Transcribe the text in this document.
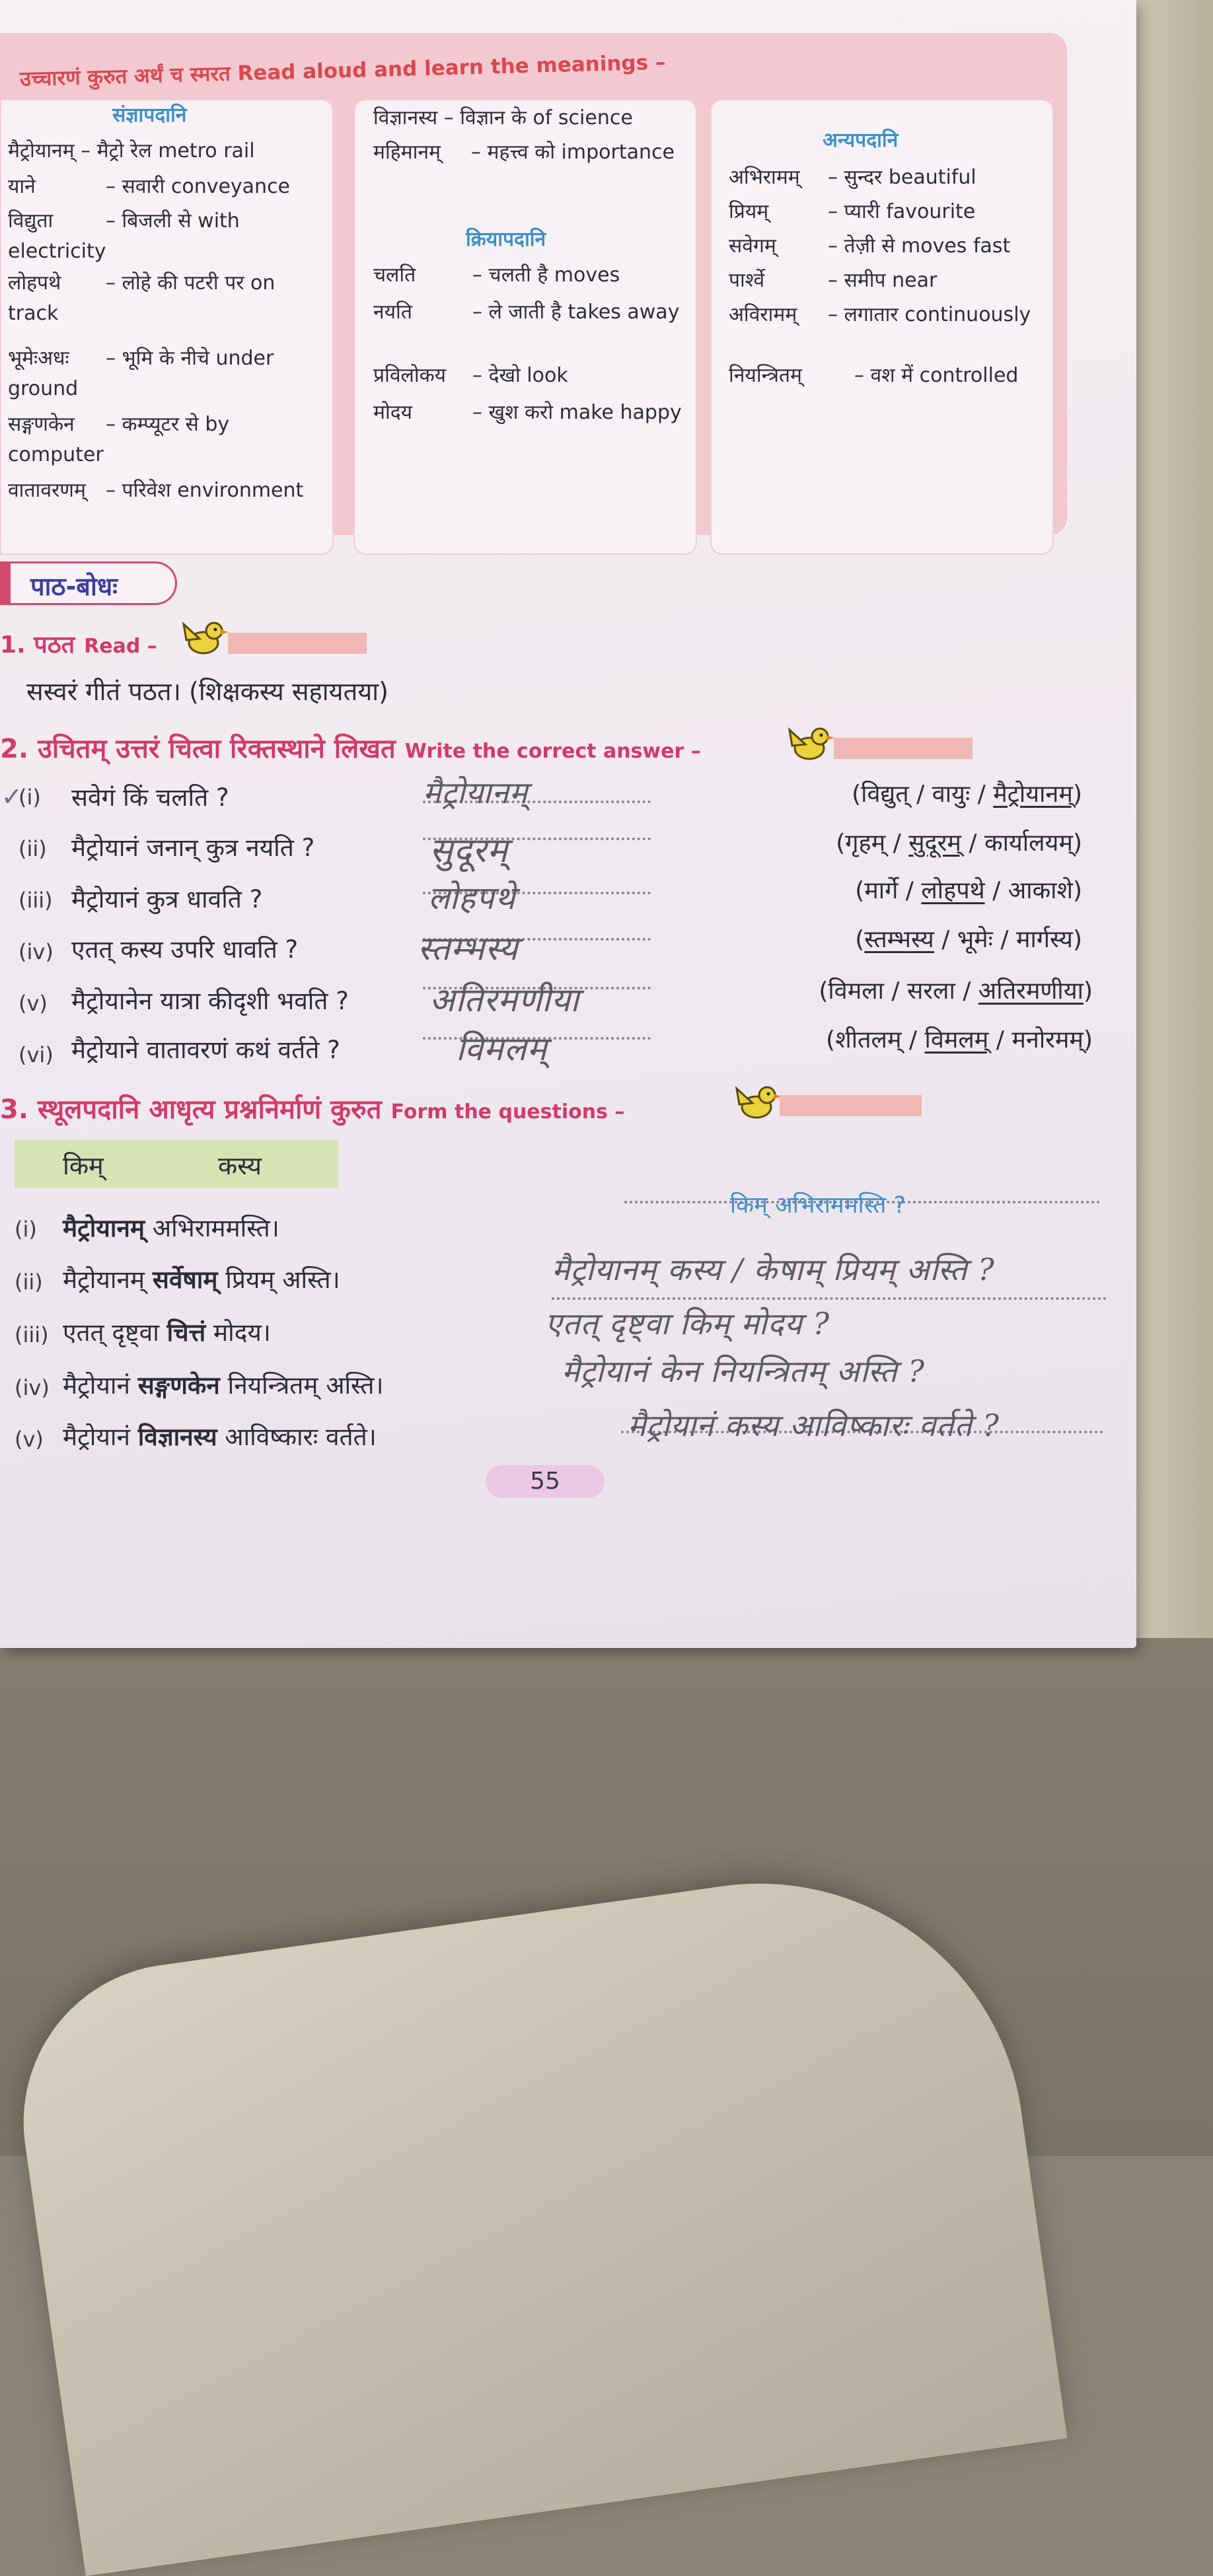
उच्चारणं कुरुत अर्थं च स्मरत Read aloud and learn the meanings –
संज्ञापदानि
मैट्रोयानम् – मैट्रो रेल metro rail
याने	– सवारी conveyance
विद्युता	– बिजली से with electricity
लोहपथे – लोहे की पटरी पर on track
भूमेःअधः – भूमि के नीचे under ground
सङ्गणकेन – कम्प्यूटर से by computer
वातावरणम् – परिवेश environment
विज्ञानस्य – विज्ञान के of science
महिमानम् – महत्त्व को importance
क्रियापदानि
चलति	– चलती है moves
नयति	– ले जाती है takes away
प्रविलोकय – देखो look
मोदय	– खुश करो make happy
अन्यपदानि
अभिरामम् – सुन्दर beautiful
प्रियम्	– प्यारी favourite
सवेगम्	– तेज़ी से moves fast
पार्श्वे	– समीप near
अविरामम् – लगातार continuously
नियन्त्रितम्	– वश में controlled
पाठ-बोधः
1. पठत Read –
सस्वरं गीतं पठत। (शिक्षकस्य सहायतया)
2. उचितम् उत्तरं चित्वा रिक्तस्थाने लिखत Write the correct answer –
✓
(i) सवेगं किं चलति ?	मैट्रोयानम्	(विद्युत् / वायुः / मैट्रोयानम्)
(ii) मैट्रोयानं जनान् कुत्र नयति ?	सुदूरम्	(गृहम् / सुदूरम् / कार्यालयम्)
(iii) मैट्रोयानं कुत्र धावति ?	लोहपथे	(मार्गे / लोहपथे / आकाशे)
(iv) एतत् कस्य उपरि धावति ?	स्तम्भस्य	(स्तम्भस्य / भूमेः / मार्गस्य)
(v) मैट्रोयानेन यात्रा कीदृशी भवति ? अतिरमणीया	(विमला / सरला / अतिरमणीया)
(vi) मैट्रोयाने वातावरणं कथं वर्तते ?	विमलम्	(शीतलम् / विमलम् / मनोरमम्)
3. स्थूलपदानि आधृत्य प्रश्ननिर्माणं कुरुत Form the questions –
किम्	कस्य
किम् अभिराममस्ति ?
(i) मैट्रोयानम् अभिराममस्ति।
(ii) मैट्रोयानम् सर्वेषाम् प्रियम् अस्ति।	मैट्रोयानम् कस्य / केषाम् प्रियम् अस्ति ?
(iii) एतत् दृष्ट्वा चित्तं मोदय।	एतत् दृष्ट्वा किम् मोदय ?
(iv) मैट्रोयानं सङ्गणकेन नियन्त्रितम् अस्ति।	मैट्रोयानं केन नियन्त्रितम् अस्ति ?
(v) मैट्रोयानं विज्ञानस्य आविष्कारः वर्तते।	मैट्रोयानं कस्य आविष्कारः वर्तते ?
55
